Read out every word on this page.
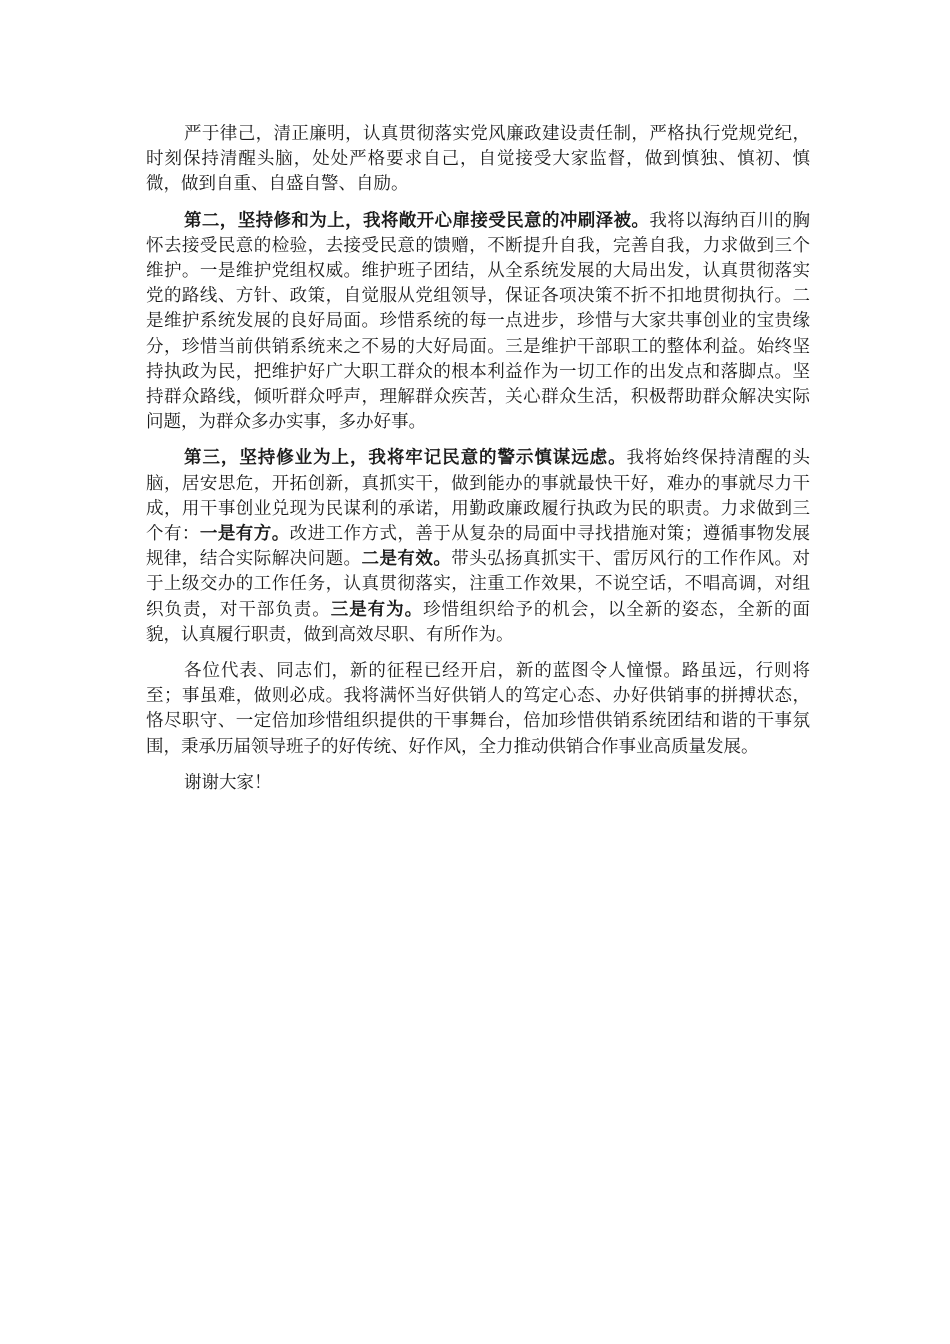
严于律己，清正廉明，认真贯彻落实党风廉政建设责任制，严格执行党规党纪，时刻保持清醒头脑，处处严格要求自己，自觉接受大家监督，做到慎独、慎初、慎微，做到自重、自盛自警、自励。

第二，坚持修和为上，我将敞开心扉接受民意的冲刷泽被。我将以海纳百川的胸怀去接受民意的检验，去接受民意的馈赠，不断提升自我，完善自我，力求做到三个维护。一是维护党组权威。维护班子团结，从全系统发展的大局出发，认真贯彻落实党的路线、方针、政策，自觉服从党组领导，保证各项决策不折不扣地贯彻执行。二是维护系统发展的良好局面。珍惜系统的每一点进步，珍惜与大家共事创业的宝贵缘分，珍惜当前供销系统来之不易的大好局面。三是维护干部职工的整体利益。始终坚持执政为民，把维护好广大职工群众的根本利益作为一切工作的出发点和落脚点。坚持群众路线，倾听群众呼声，理解群众疾苦，关心群众生活，积极帮助群众解决实际问题，为群众多办实事，多办好事。

第三，坚持修业为上，我将牢记民意的警示慎谋远虑。我将始终保持清醒的头脑，居安思危，开拓创新，真抓实干，做到能办的事就最快干好，难办的事就尽力干成，用干事创业兑现为民谋利的承诺，用勤政廉政履行执政为民的职责。力求做到三个有：一是有方。改进工作方式，善于从复杂的局面中寻找措施对策；遵循事物发展规律，结合实际解决问题。二是有效。带头弘扬真抓实干、雷厉风行的工作作风。对于上级交办的工作任务，认真贯彻落实，注重工作效果，不说空话，不唱高调，对组织负责，对干部负责。三是有为。珍惜组织给予的机会，以全新的姿态，全新的面貌，认真履行职责，做到高效尽职、有所作为。

各位代表、同志们，新的征程已经开启，新的蓝图令人憧憬。路虽远，行则将至；事虽难，做则必成。我将满怀当好供销人的笃定心态、办好供销事的拼搏状态，恪尽职守、一定倍加珍惜组织提供的干事舞台，倍加珍惜供销系统团结和谐的干事氛围，秉承历届领导班子的好传统、好作风，全力推动供销合作事业高质量发展。

谢谢大家！
